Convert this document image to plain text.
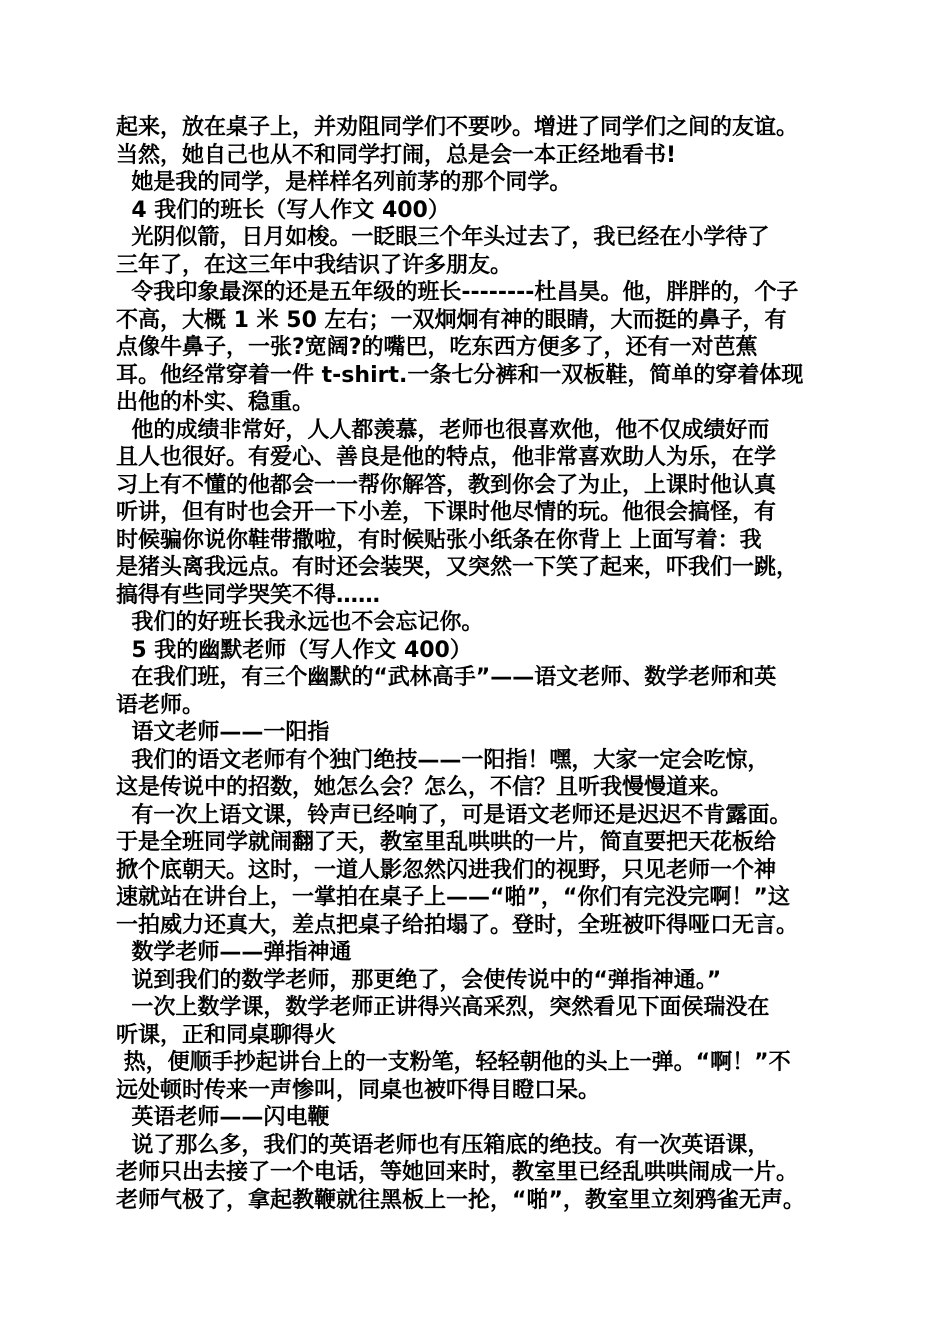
起来，放在桌子上，并劝阻同学们不要吵。增进了同学们之间的友谊。
当然，她自己也从不和同学打闹，总是会一本正经地看书!
她是我的同学，是样样名列前茅的那个同学。
4 我们的班长（写人作文 400）
光阴似箭，日月如梭。一眨眼三个年头过去了，我已经在小学待了
三年了，在这三年中我结识了许多朋友。
令我印象最深的还是五年级的班长--------杜昌昊。他，胖胖的，个子
不高，大概 1 米 50 左右；一双炯炯有神的眼睛，大而挺的鼻子，有
点像牛鼻子，一张?宽阔?的嘴巴，吃东西方便多了，还有一对芭蕉
耳。他经常穿着一件 t-shirt.一条七分裤和一双板鞋，简单的穿着体现
出他的朴实、稳重。
他的成绩非常好，人人都羡慕，老师也很喜欢他，他不仅成绩好而
且人也很好。有爱心、善良是他的特点，他非常喜欢助人为乐，在学
习上有不懂的他都会一一帮你解答，教到你会了为止，上课时他认真
听讲，但有时也会开一下小差，下课时他尽情的玩。他很会搞怪，有
时候骗你说你鞋带撒啦，有时候贴张小纸条在你背上 上面写着：我
是猪头离我远点。有时还会装哭，又突然一下笑了起来，吓我们一跳，
搞得有些同学哭笑不得……
我们的好班长我永远也不会忘记你。
5 我的幽默老师（写人作文 400）
在我们班，有三个幽默的“武林高手”——语文老师、数学老师和英
语老师。
语文老师——一阳指
我们的语文老师有个独门绝技——一阳指！嘿，大家一定会吃惊，
这是传说中的招数，她怎么会？怎么，不信？且听我慢慢道来。
有一次上语文课，铃声已经响了，可是语文老师还是迟迟不肯露面。
于是全班同学就闹翻了天，教室里乱哄哄的一片，简直要把天花板给
掀个底朝天。这时，一道人影忽然闪进我们的视野，只见老师一个神
速就站在讲台上，一掌拍在桌子上——“啪”，“你们有完没完啊！”这
一拍威力还真大，差点把桌子给拍塌了。登时，全班被吓得哑口无言。
数学老师——弹指神通
说到我们的数学老师，那更绝了，会使传说中的“弹指神通。”
一次上数学课，数学老师正讲得兴高采烈，突然看见下面侯瑞没在
听课，正和同桌聊得火
热，便顺手抄起讲台上的一支粉笔，轻轻朝他的头上一弹。“啊！”不
远处顿时传来一声惨叫，同桌也被吓得目瞪口呆。
英语老师——闪电鞭
说了那么多，我们的英语老师也有压箱底的绝技。有一次英语课，
老师只出去接了一个电话，等她回来时，教室里已经乱哄哄闹成一片。
老师气极了，拿起教鞭就往黑板上一抡，“啪”，教室里立刻鸦雀无声。
